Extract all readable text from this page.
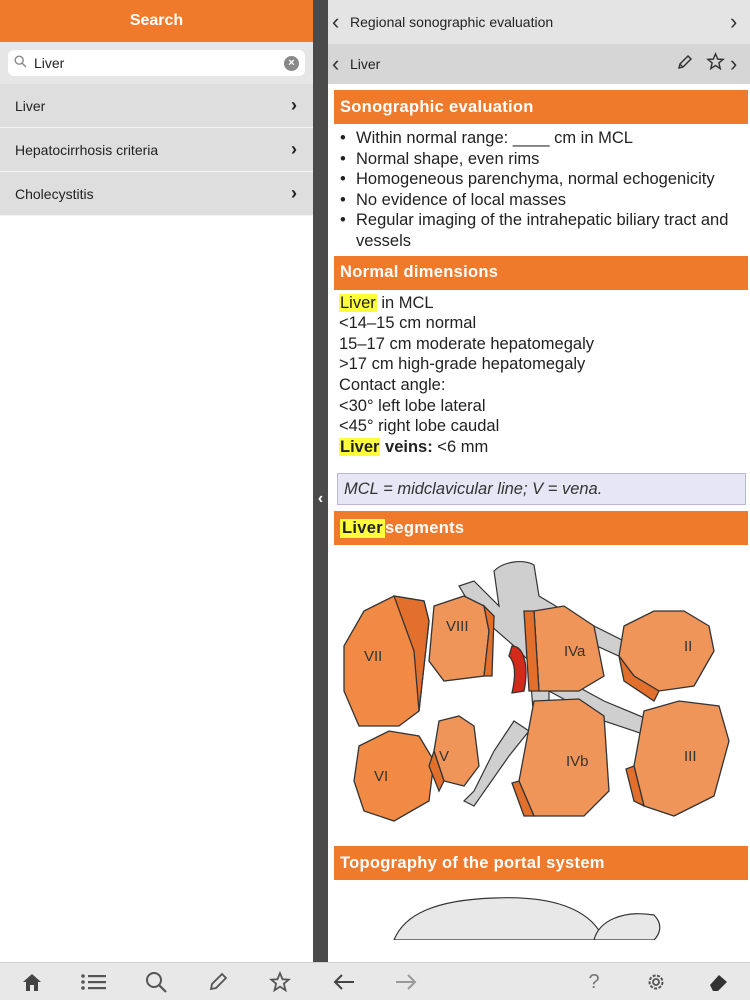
Search
Liver
×
Liver	›
Hepatocirrhosis criteria	›
Cholecystitis	›
‹
‹ Regional sonographic evaluation	›
‹ Liver	›
Sonographic evaluation
• Within normal range: ____ cm in MCL
• Normal shape, even rims
• Homogeneous parenchyma, normal echogenicity
• No evidence of local masses
• Regular imaging of the intrahepatic biliary tract and vessels
Normal dimensions
Liver in MCL
<14–15 cm normal
15–17 cm moderate hepatomegaly
>17 cm high-grade hepatomegaly
Contact angle:
<30° left lobe lateral
<45° right lobe caudal
Liver veins: <6 mm
MCL = midclavicular line; V = vena.
Liver segments
VII
VIII
IVa	II
VI
V	IVb	III
Topography of the portal system
?
